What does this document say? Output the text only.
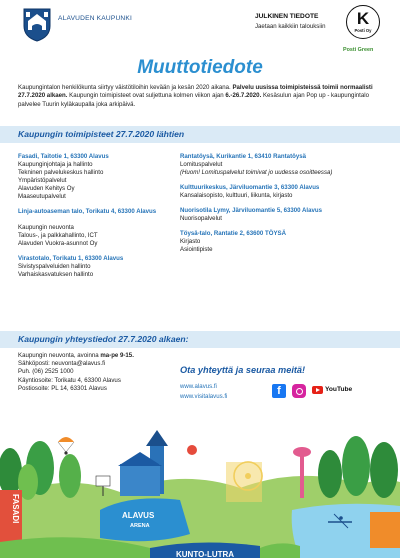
ALAVUDEN KAUPUNKI	JULKINEN TIEDOTE
Jaetaan kaikkiin talouksiin	K
Posti Oy
Posti Green
Muuttotiedote
Kaupungintalon henkilökunta siirtyy väistötiloihin kevään ja kesän 2020 aikana. Palvelu uusissa toimipisteissä toimii normaalisti 27.7.2020 alkaen. Kaupungin toimipisteet ovat suljettuna kolmen viikon ajan 6.-26.7.2020. Kesäsulun ajan Pop up - kaupungintalo palvelee Tuurin kyläkaupalla joka arkipäivä.
Kaupungin toimipisteet 27.7.2020 lähtien
Fasadi, Taitotie 1, 63300 Alavus
Kaupunginjohtaja ja hallinto
Tekninen palvelukeskus hallinto
Ympäristöpalvelut
Alavuden Kehitys Oy
Maaseutupalvelut
Linja-autoaseman talo, Torikatu 4, 63300 Alavus
Kaupungin neuvonta
Talous-, ja palkkahallinto, ICT
Alavuden Vuokra-asunnot Oy
Virastotalo, Torikatu 1, 63300 Alavus
Sivistyspalveluiden hallinto
Varhaiskasvatuksen hallinto
Rantatöysä, Kurikantie 1, 63410 Rantatöysä
Lomituspalvelut
(Huom! Lomituspalvelut toimivat jo uudessa osoitteessa)
Kulttuurikeskus, Järviluomantie 3, 63300 Alavus
Kansalaisopisto, kulttuuri, liikunta, kirjasto
Nuorisotila Lymy, Järviluomantie 5, 63300 Alavus
Nuorisopalvelut
Töysä-talo, Rantatie 2, 63600 TÖYSÄ
Kirjasto
Asiointipiste
Kaupungin yhteystiedot 27.7.2020 alkaen:
Kaupungin neuvonta, avoinna ma-pe 9-15.
Sähköposti: neuvonta@alavus.fi
Puh. (06) 2525 1000
Käyntiosoite: Torikatu 4, 63300 Alavus
Postiosoite: PL 14, 63301 Alavus
Ota yhteyttä ja seuraa meitä!
www.alavus.fi
www.visitalavus.fi	f	YouTube
FASADI	ALAVUS
ARENA
KUNTO-LUTRA
